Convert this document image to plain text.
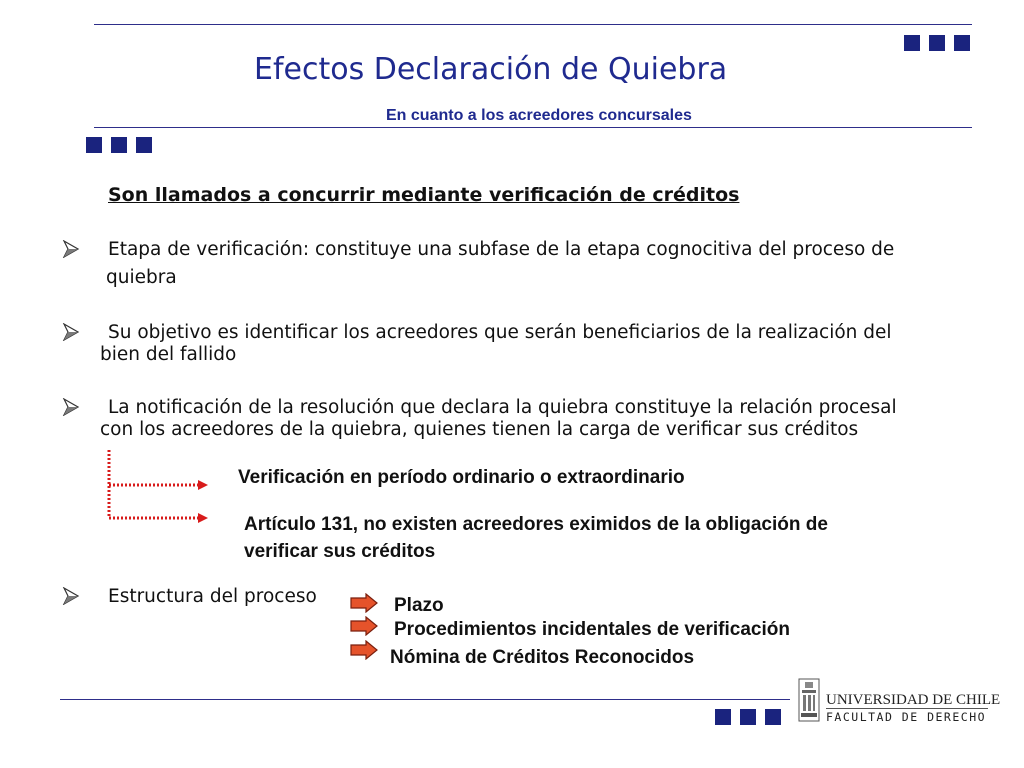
Efectos Declaración de Quiebra
En cuanto a los acreedores concursales
Son llamados a concurrir mediante verificación de créditos
Etapa de verificación: constituye una subfase de la etapa cognocitiva del proceso de
quiebra
Su objetivo es identificar los acreedores que serán beneficiarios de la realización del
bien del fallido
La notificación de la resolución que declara la quiebra constituye la relación procesal
con los acreedores de la quiebra, quienes tienen la carga de verificar sus créditos
Verificación en período ordinario o extraordinario
Artículo 131, no existen acreedores eximidos de la obligación de
verificar sus créditos
Estructura del proceso	Plazo
Procedimientos incidentales de verificación
Nómina de Créditos Reconocidos
UNIVERSIDAD DE CHILE
FACULTAD DE DERECHO
